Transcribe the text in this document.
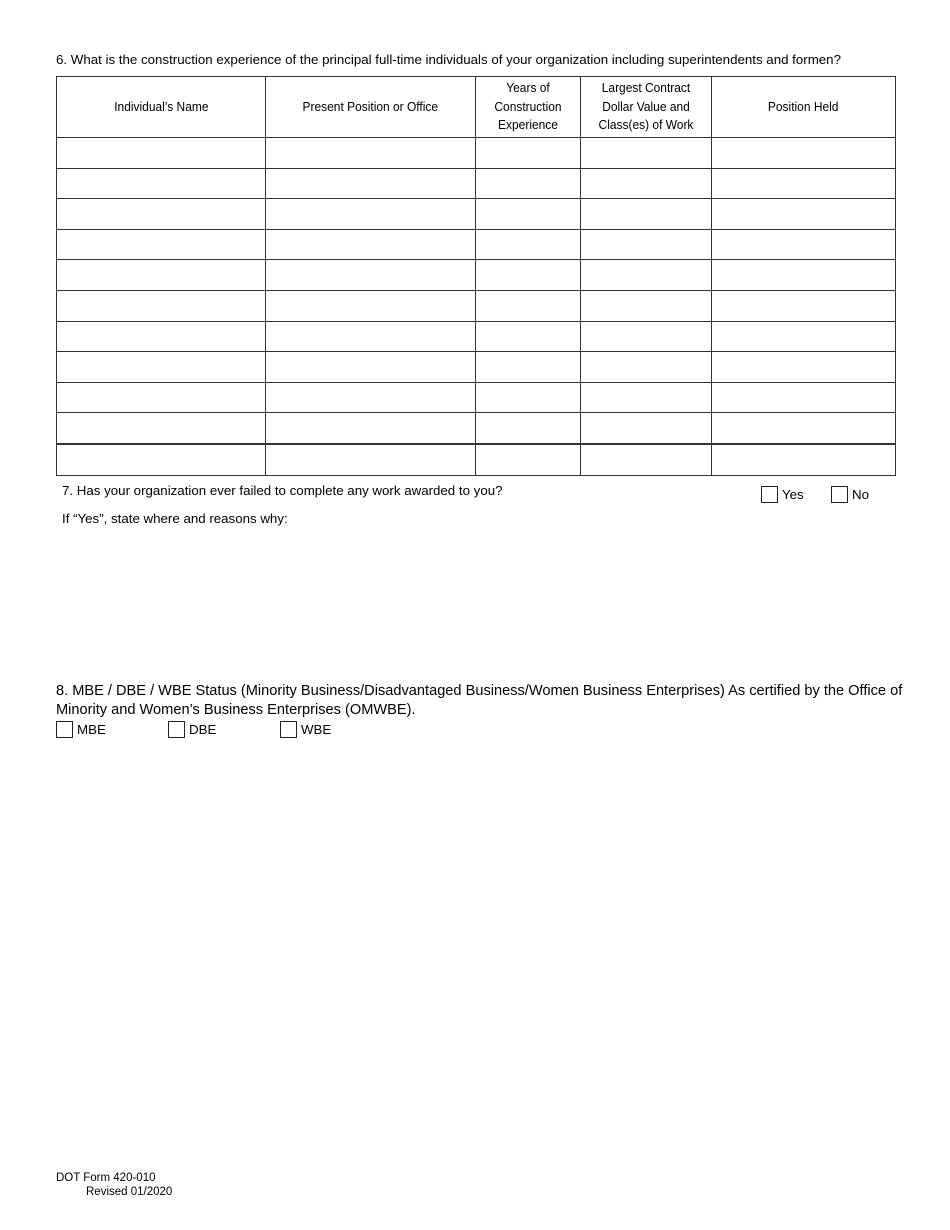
6. What is the construction experience of the principal full-time individuals of your organization including superintendents and formen?
Individual’s Name	Present Position or Office	Years of Construction Experience	Largest Contract Dollar Value and Class(es) of Work	Position Held

7. Has your organization ever failed to complete any work awarded to you?	Yes	No
If “Yes”, state where and reasons why:
8. MBE / DBE / WBE Status (Minority Business/Disadvantaged Business/Women Business Enterprises) As certified by the Office of Minority and Women’s Business Enterprises (OMWBE).
MBE	DBE	WBE
DOT Form 420-010
Revised 01/2020
